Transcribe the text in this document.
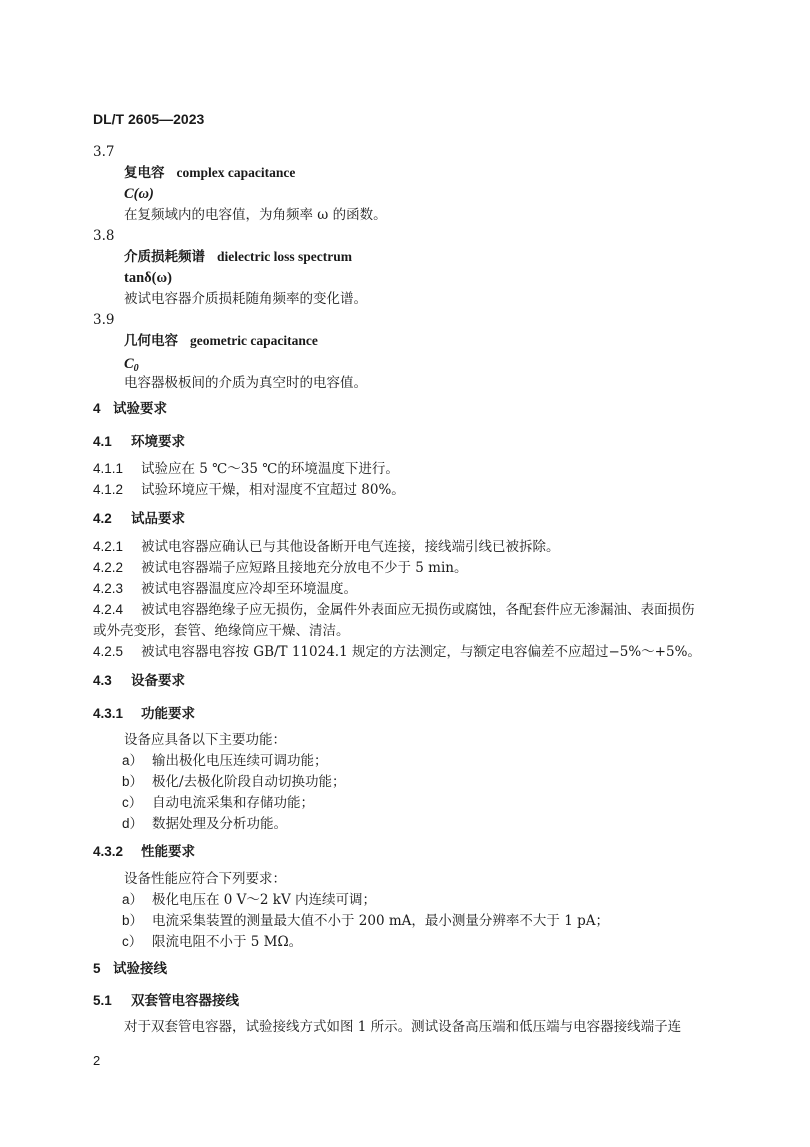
DL/T 2605—2023
3.7
复电容 complex capacitance
C(ω)
在复频域内的电容值，为角频率 ω 的函数。
3.8
介质损耗频谱 dielectric loss spectrum
tanδ(ω)
被试电容器介质损耗随角频率的变化谱。
3.9
几何电容 geometric capacitance
$C_0$
电容器极板间的介质为真空时的电容值。
4 试验要求
4.1 环境要求
4.1.1 试验应在 5 ℃～35 ℃的环境温度下进行。
4.1.2 试验环境应干燥，相对湿度不宜超过 80%。
4.2 试品要求
4.2.1 被试电容器应确认已与其他设备断开电气连接，接线端引线已被拆除。
4.2.2 被试电容器端子应短路且接地充分放电不少于 5 min。
4.2.3 被试电容器温度应冷却至环境温度。
4.2.4 被试电容器绝缘子应无损伤，金属件外表面应无损伤或腐蚀，各配套件应无渗漏油、表面损伤
或外壳变形，套管、绝缘筒应干燥、清洁。
4.2.5 被试电容器电容按 GB/T 11024.1 规定的方法测定，与额定电容偏差不应超过−5%～+5%。
4.3 设备要求
4.3.1 功能要求
设备应具备以下主要功能：
a） 输出极化电压连续可调功能；
b） 极化/去极化阶段自动切换功能；
c） 自动电流采集和存储功能；
d） 数据处理及分析功能。
4.3.2 性能要求
设备性能应符合下列要求：
a） 极化电压在 0 V～2 kV 内连续可调；
b） 电流采集装置的测量最大值不小于 200 mA，最小测量分辨率不大于 1 pA；
c） 限流电阻不小于 5 MΩ。
5 试验接线
5.1 双套管电容器接线
对于双套管电容器，试验接线方式如图 1 所示。测试设备高压端和低压端与电容器接线端子连
2
